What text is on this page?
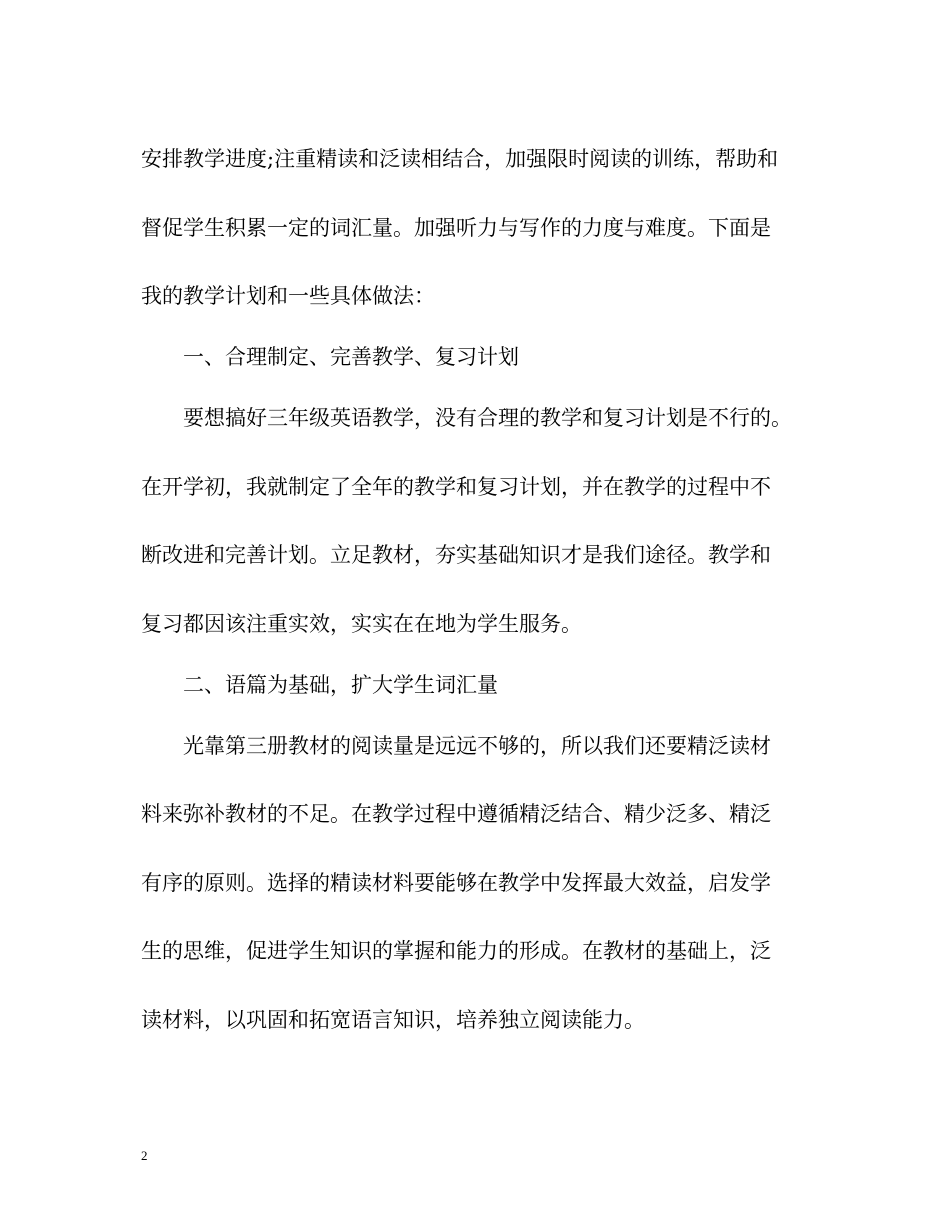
安排教学进度;注重精读和泛读相结合，加强限时阅读的训练，帮助和
督促学生积累一定的词汇量。加强听力与写作的力度与难度。下面是
我的教学计划和一些具体做法：
一、合理制定、完善教学、复习计划
要想搞好三年级英语教学，没有合理的教学和复习计划是不行的。
在开学初，我就制定了全年的教学和复习计划，并在教学的过程中不
断改进和完善计划。立足教材，夯实基础知识才是我们途径。教学和
复习都因该注重实效，实实在在地为学生服务。
二、语篇为基础，扩大学生词汇量
光靠第三册教材的阅读量是远远不够的，所以我们还要精泛读材
料来弥补教材的不足。在教学过程中遵循精泛结合、精少泛多、精泛
有序的原则。选择的精读材料要能够在教学中发挥最大效益，启发学
生的思维，促进学生知识的掌握和能力的形成。在教材的基础上，泛
读材料，以巩固和拓宽语言知识，培养独立阅读能力。
2
